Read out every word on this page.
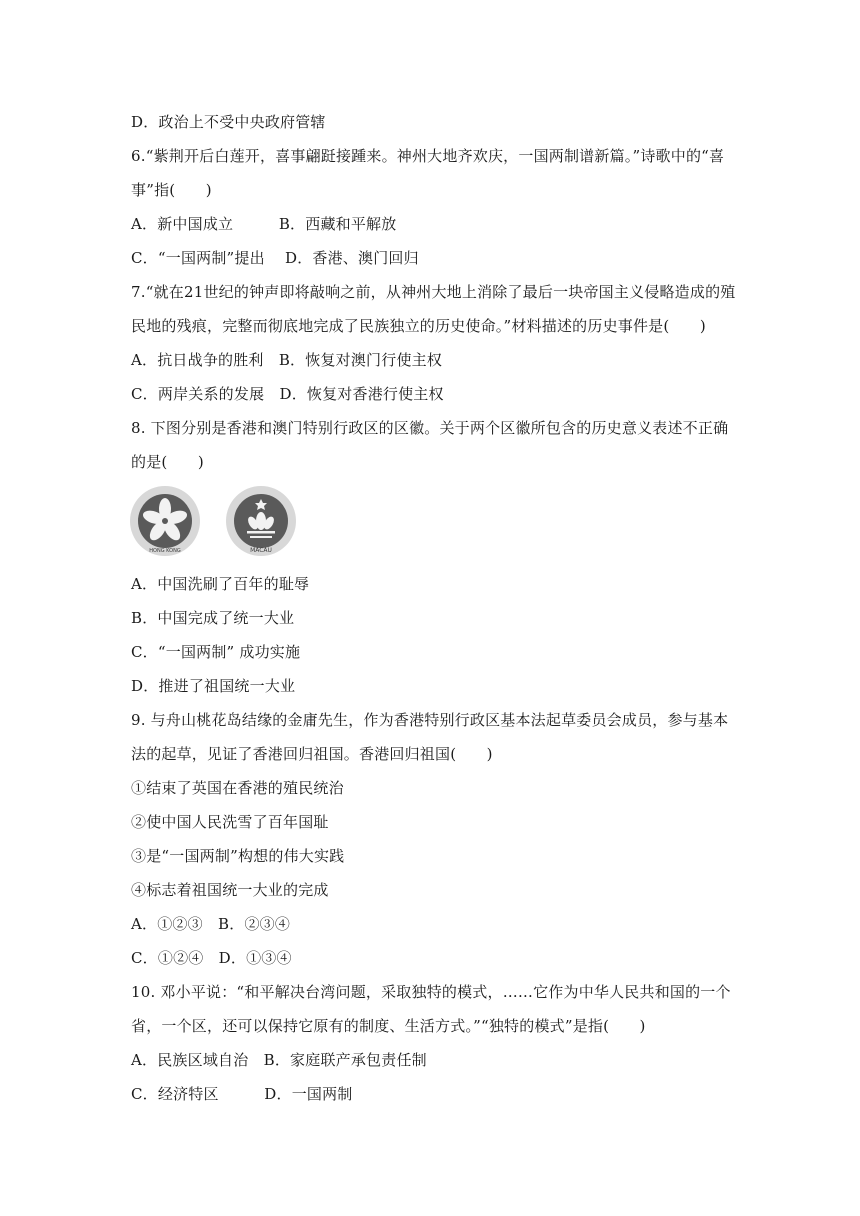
D．政治上不受中央政府管辖
6.“紫荆开后白莲开，喜事翩跹接踵来。神州大地齐欢庆，一国两制谱新篇。”诗歌中的“喜
事”指(　　)
A．新中国成立　　　B．西藏和平解放
C．“一国两制”提出　 D．香港、澳门回归
7.“就在21世纪的钟声即将敲响之前，从神州大地上消除了最后一块帝国主义侵略造成的殖
民地的残痕，完整而彻底地完成了民族独立的历史使命。”材料描述的历史事件是(　　)
A．抗日战争的胜利　B．恢复对澳门行使主权
C．两岸关系的发展　D．恢复对香港行使主权
8. 下图分别是香港和澳门特别行政区的区徽。关于两个区徽所包含的历史意义表述不正确
的是(　　)
HONG KONG	MACAU
A．中国洗刷了百年的耻辱
B．中国完成了统一大业
C．“一国两制” 成功实施
D．推进了祖国统一大业
9. 与舟山桃花岛结缘的金庸先生，作为香港特别行政区基本法起草委员会成员，参与基本
法的起草，见证了香港回归祖国。香港回归祖国(　　)
①结束了英国在香港的殖民统治
②使中国人民洗雪了百年国耻
③是“一国两制”构想的伟大实践
④标志着祖国统一大业的完成
A．①②③　B．②③④
C．①②④　D．①③④
10. 邓小平说：“和平解决台湾问题，采取独特的模式，……它作为中华人民共和国的一个
省，一个区，还可以保持它原有的制度、生活方式。”“独特的模式”是指(　　)
A．民族区域自治　B．家庭联产承包责任制
C．经济特区　　　D．一国两制
